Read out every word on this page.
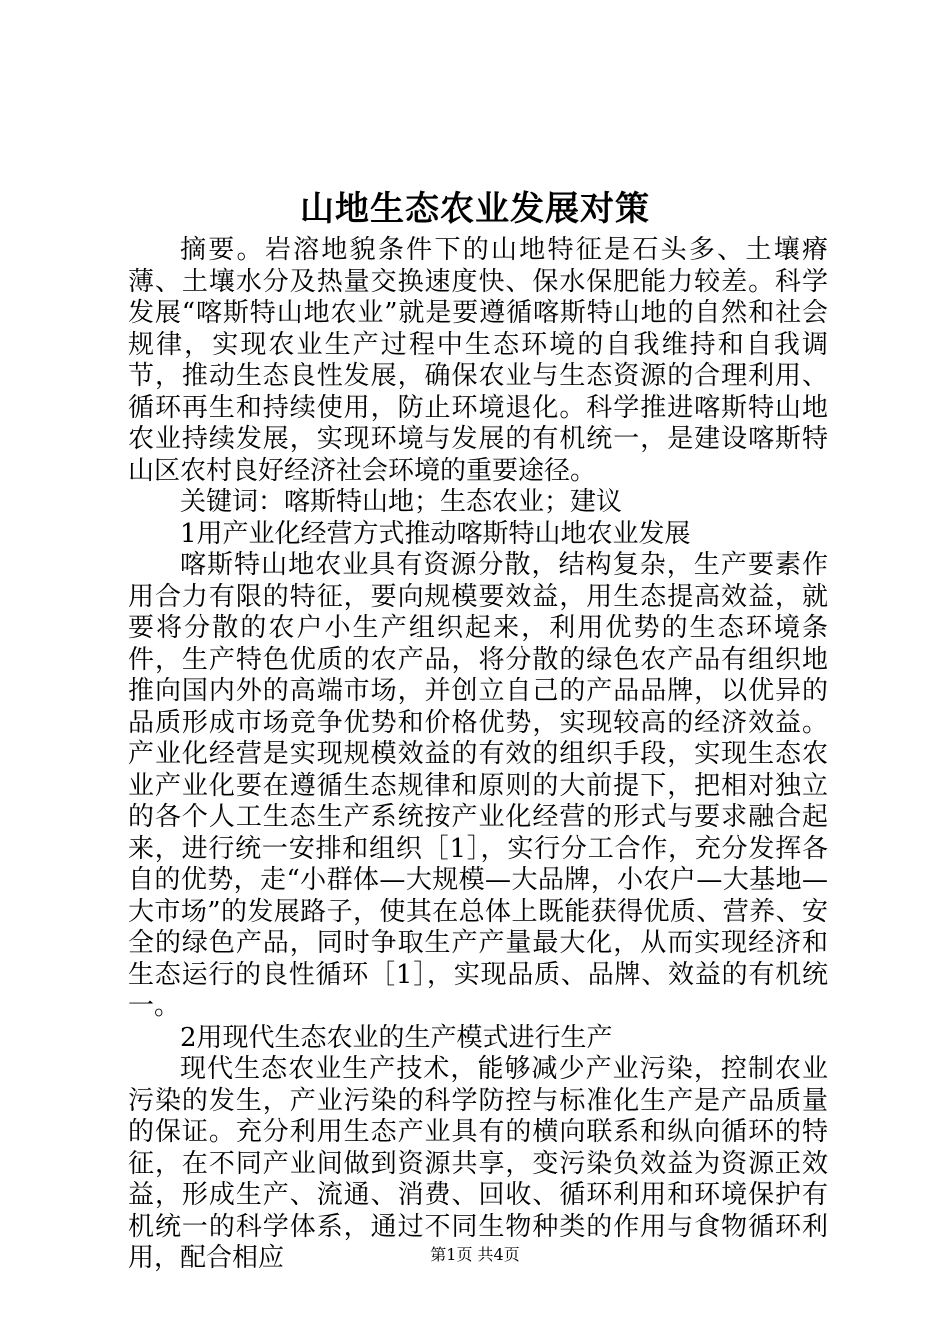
山地生态农业发展对策

摘要。岩溶地貌条件下的山地特征是石头多、土壤瘠薄、土壤水分及热量交换速度快、保水保肥能力较差。科学发展“喀斯特山地农业”就是要遵循喀斯特山地的自然和社会规律，实现农业生产过程中生态环境的自我维持和自我调节，推动生态良性发展，确保农业与生态资源的合理利用、循环再生和持续使用，防止环境退化。科学推进喀斯特山地农业持续发展，实现环境与发展的有机统一，是建设喀斯特山区农村良好经济社会环境的重要途径。

关键词：喀斯特山地；生态农业；建议

1用产业化经营方式推动喀斯特山地农业发展

喀斯特山地农业具有资源分散，结构复杂，生产要素作用合力有限的特征，要向规模要效益，用生态提高效益，就要将分散的农户小生产组织起来，利用优势的生态环境条件，生产特色优质的农产品，将分散的绿色农产品有组织地推向国内外的高端市场，并创立自己的产品品牌，以优异的品质形成市场竞争优势和价格优势，实现较高的经济效益。产业化经营是实现规模效益的有效的组织手段，实现生态农业产业化要在遵循生态规律和原则的大前提下，把相对独立的各个人工生态生产系统按产业化经营的形式与要求融合起来，进行统一安排和组织［1］，实行分工合作，充分发挥各自的优势，走“小群体—大规模—大品牌，小农户—大基地—大市场”的发展路子，使其在总体上既能获得优质、营养、安全的绿色产品，同时争取生产产量最大化，从而实现经济和生态运行的良性循环［1］，实现品质、品牌、效益的有机统一。

2用现代生态农业的生产模式进行生产

现代生态农业生产技术，能够减少产业污染，控制农业污染的发生，产业污染的科学防控与标准化生产是产品质量的保证。充分利用生态产业具有的横向联系和纵向循环的特征，在不同产业间做到资源共享，变污染负效益为资源正效益，形成生产、流通、消费、回收、循环利用和环境保护有机统一的科学体系，通过不同生物种类的作用与食物循环利用，配合相应	第1页 共4页
